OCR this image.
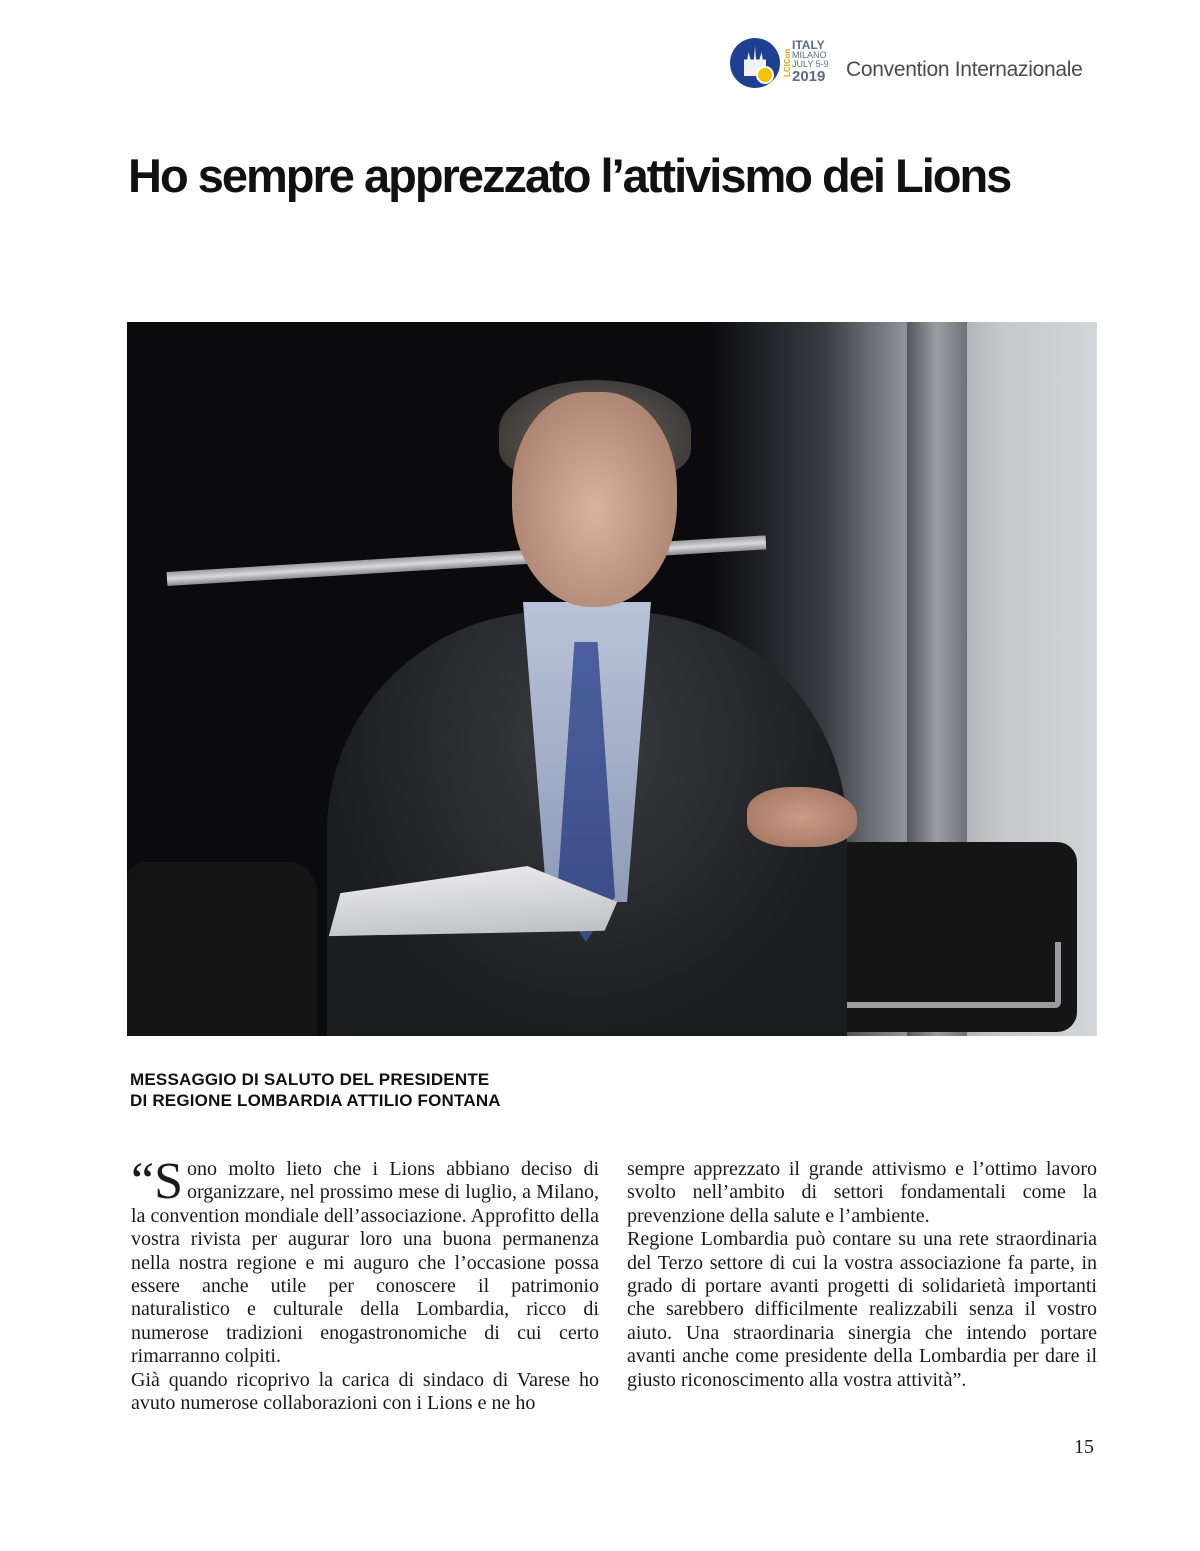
LCICon
ITALY
MILANO
JULY 5-9
2019 Convention Internazionale
Ho sempre apprezzato l’attivismo dei Lions
MESSAGGIO DI SALUTO DEL PRESIDENTE
DI REGIONE LOMBARDIA ATTILIO FONTANA

“Sono molto lieto che i Lions abbiano deciso di organizzare, nel prossimo mese di luglio, a Milano, la convention mondiale dell’associazione. Approfitto della vostra rivista per augurar loro una buona permanenza nella nostra regione e mi auguro che l’occasione possa essere anche utile per conoscere il patrimonio naturalistico e culturale della Lombardia, ricco di numerose tradizioni enogastronomiche di cui certo rimarranno colpiti.

Già quando ricoprivo la carica di sindaco di Varese ho avuto numerose collaborazioni con i Lions e ne ho

sempre apprezzato il grande attivismo e l’ottimo lavoro svolto nell’ambito di settori fondamentali come la prevenzione della salute e l’ambiente.

Regione Lombardia può contare su una rete straordinaria del Terzo settore di cui la vostra associazione fa parte, in grado di portare avanti progetti di solidarietà importanti che sarebbero difficilmente realizzabili senza il vostro aiuto. Una straordinaria sinergia che intendo portare avanti anche come presidente della Lombardia per dare il giusto riconoscimento alla vostra attività”.

15
